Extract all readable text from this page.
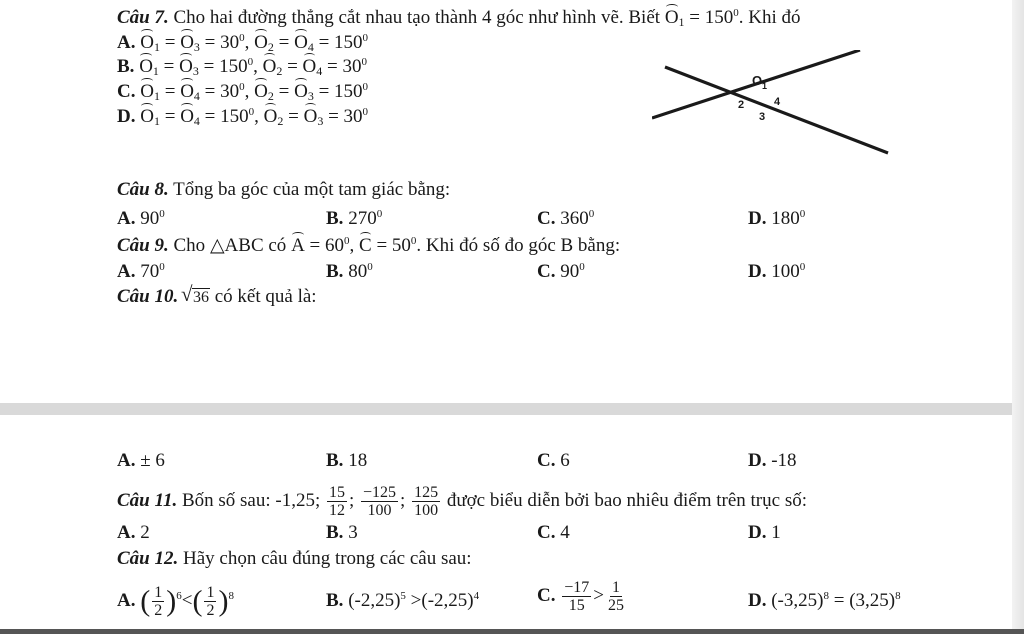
Câu 7. Cho hai đường thẳng cắt nhau tạo thành 4 góc như hình vẽ. Biết $O_1 = 150^0$. Khi đó
A. $O_1 = O_3 = 30^0$, $O_2 = O_4 = 150^0$
B. $O_1 = O_3 = 150^0$, $O_2 = O_4 = 30^0$
C. $O_1 = O_4 = 30^0$, $O_2 = O_3 = 150^0$
D. $O_1 = O_4 = 150^0$, $O_2 = O_3 = 30^0$
O 1
2	4
3
Câu 8. Tổng ba góc của một tam giác bằng:
A. $90^0$	B. $270^0$	C. $360^0$	D. $180^0$
Câu 9. Cho △ABC có $A = 60^0$, $C = 50^0$. Khi đó số đo góc B bằng:
A. $70^0$	B. $80^0$	C. $90^0$	D. $100^0$
Câu 10. √ 36 có kết quả là:
A. ± 6	B. 18	C. 6	D. -18
Câu 11. Bốn số sau: -1,25; $\frac{15}{12}$ ; $\frac{-125}{100}$ ; $\frac{125}{100}$ được biểu diễn bởi bao nhiêu điểm trên trục số:
A. 2	B. 3	C. 4	D. 1
Câu 12. Hãy chọn câu đúng trong các câu sau:
A. ( $\frac{1}{2} )^6<( \frac{1}{2} )^8$	B. $(-2,25)^5 >(-2,25)^4$	C. $\frac{-17}{15} > \frac{1}{25}$	D. $(-3,25)^8 = (3,25)^8$
